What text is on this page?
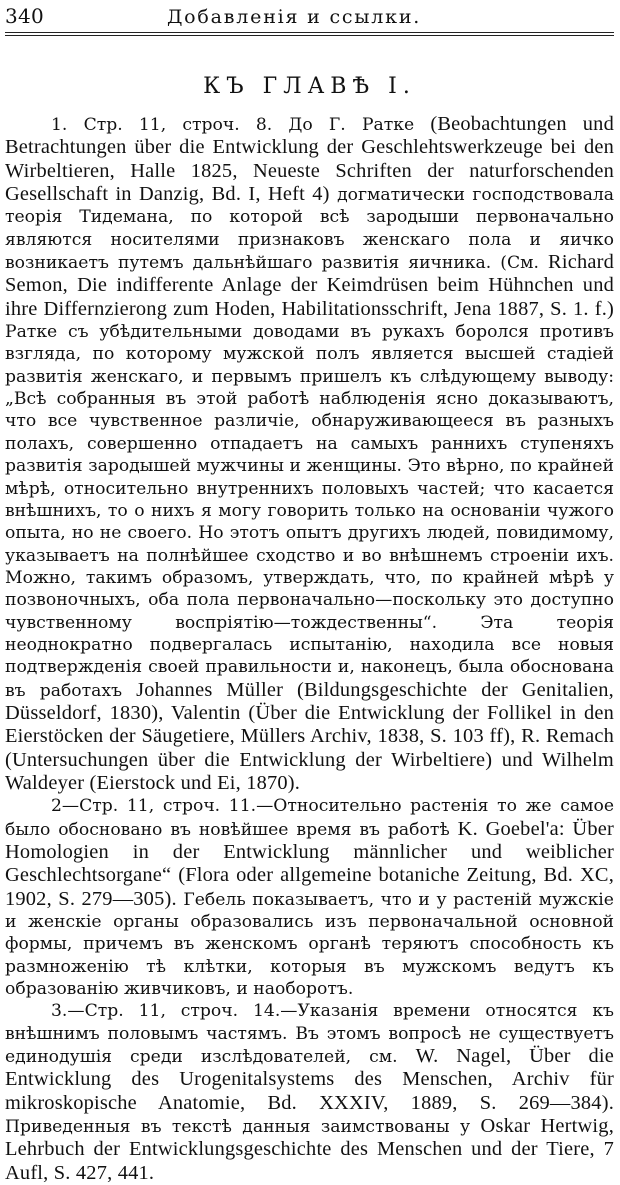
340	Добавленія и ссылки.
КЪ ГЛАВѢ I.

1. Стр. 11, строч. 8. До Г. Ратке (Beobachtungen und Betrachtungen über die Entwicklung der Geschlehtswerkzeuge bei den Wirbeltieren, Halle 1825, Neueste Schriften der naturforschenden Gesellschaft in Danzig, Bd. I, Heft 4) догматически господствовала теорія Тидемана, по которой всѣ зародыши первоначально являются носителями признаковъ женскаго пола и яичко возникаетъ путемъ дальнѣйшаго развитія яичника. (См. Richard Semon, Die indifferente Anlage der Keimdrüsen beim Hühnchen und ihre Differnzierong zum Hoden, Habilitationsschrift, Jena 1887, S. 1. f.) Ратке съ убѣдительными доводами въ рукахъ боролся противъ взгляда, по которому мужской полъ является высшей стадіей развитія женскаго, и первымъ пришелъ къ слѣдующему выводу: „Всѣ собранныя въ этой работѣ наблюденія ясно доказываютъ, что все чувственное различіе, обнаруживающееся въ разныхъ полахъ, совершенно отпадаетъ на самыхъ раннихъ ступеняхъ развитія зародышей мужчины и женщины. Это вѣрно, по крайней мѣрѣ, относительно внутреннихъ половыхъ частей; что касается внѣшнихъ, то о нихъ я могу говорить только на основаніи чужого опыта, но не своего. Но этотъ опытъ другихъ людей, повидимому, указываетъ на полнѣйшее сходство и во внѣшнемъ строеніи ихъ. Можно, такимъ образомъ, утверждать, что, по крайней мѣрѣ у позвоночныхъ, оба пола первоначально—поскольку это доступно чувственному воспріятію—тождественны“. Эта теорія неоднократно подвергалась испытанію, находила все новыя подтвержденія своей правильности и, наконецъ, была обоснована въ работахъ Johannes Müller (Bildungsgeschichte der Genitalien, Düsseldorf, 1830), Valentin (Über die Entwicklung der Follikel in den Eierstöcken der Säugetiere, Müllers Archiv, 1838, S. 103 ff), R. Remach (Untersuchungen über die Entwicklung der Wirbeltiere) und Wilhelm Waldeyer (Eierstock und Ei, 1870).

2—Стр. 11, строч. 11.—Относительно растенія то же самое было обосновано въ новѣйшее время въ работѣ K. Goebel'a: Über Homologien in der Entwicklung männlicher und weiblicher Geschlechtsorgane“ (Flora oder allgemeine botaniche Zeitung, Bd. XC, 1902, S. 279—305). Гебель показываетъ, что и у растеній мужскіе и женскіе органы образовались изъ первоначальной основной формы, причемъ въ женскомъ органѣ теряютъ способность къ размноженію тѣ клѣтки, которыя въ мужскомъ ведутъ къ образованію живчиковъ, и наоборотъ.

3.—Стр. 11, строч. 14.—Указанія времени относятся къ внѣшнимъ половымъ частямъ. Въ этомъ вопросѣ не существуетъ единодушія среди изслѣдователей, см. W. Nagel, Über die Entwicklung des Urogenitalsystems des Menschen, Archiv für mikroskopische Anatomie, Bd. XXXIV, 1889, S. 269—384). Приведенныя въ текстѣ данныя заимствованы у Oskar Hertwig, Lehrbuch der Entwicklungsgeschichte des Menschen und der Tiere, 7 Aufl, S. 427, 441.
